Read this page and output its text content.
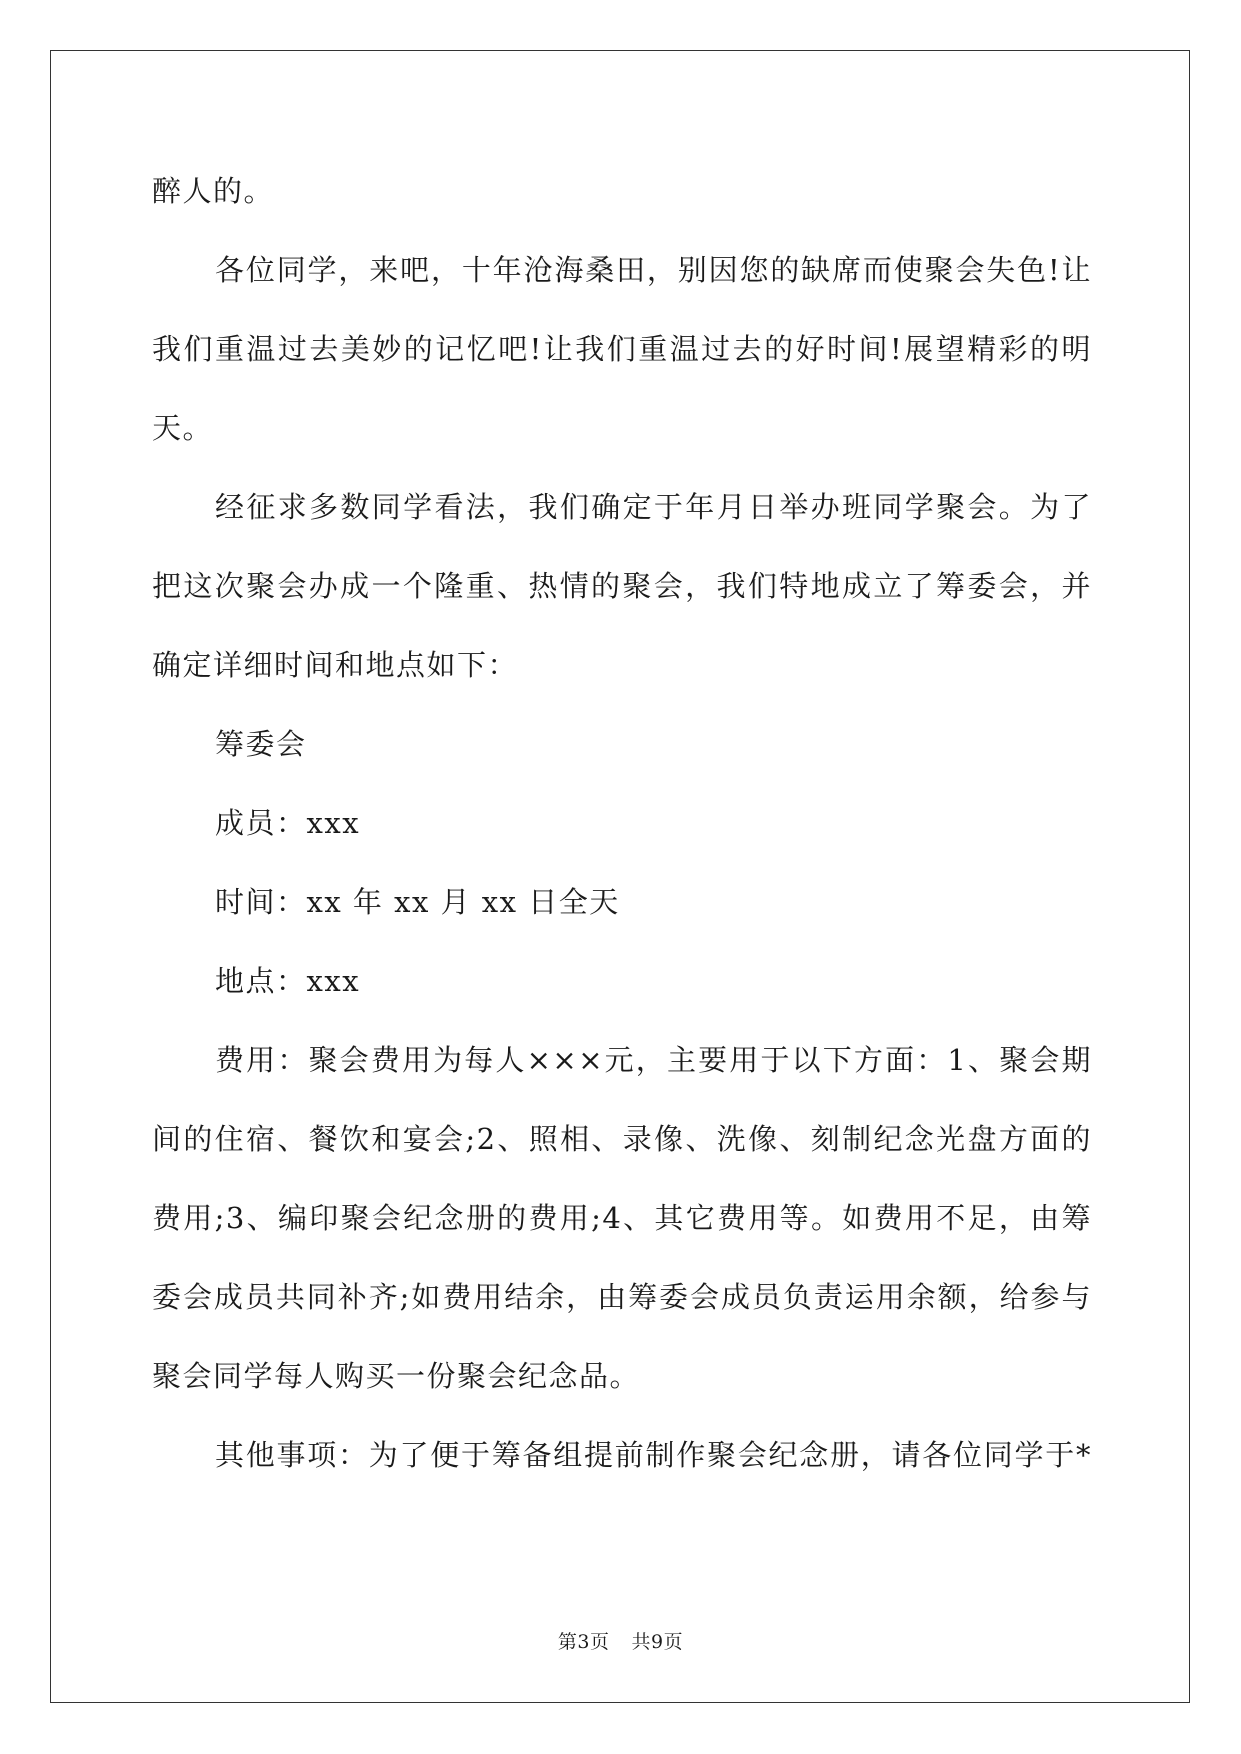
醉人的。
各位同学，来吧，十年沧海桑田，别因您的缺席而使聚会失色!让
我们重温过去美妙的记忆吧!让我们重温过去的好时间!展望精彩的明
天。
经征求多数同学看法，我们确定于年月日举办班同学聚会。为了
把这次聚会办成一个隆重、热情的聚会，我们特地成立了筹委会，并
确定详细时间和地点如下：
筹委会
成员：xxx
时间：xx 年 xx 月 xx 日全天
地点：xxx
费用：聚会费用为每人×××元，主要用于以下方面：1、聚会期
间的住宿、餐饮和宴会;2、照相、录像、洗像、刻制纪念光盘方面的
费用;3、编印聚会纪念册的费用;4、其它费用等。如费用不足，由筹
委会成员共同补齐;如费用结余，由筹委会成员负责运用余额，给参与
聚会同学每人购买一份聚会纪念品。
其他事项：为了便于筹备组提前制作聚会纪念册，请各位同学于*
第3页 共9页
